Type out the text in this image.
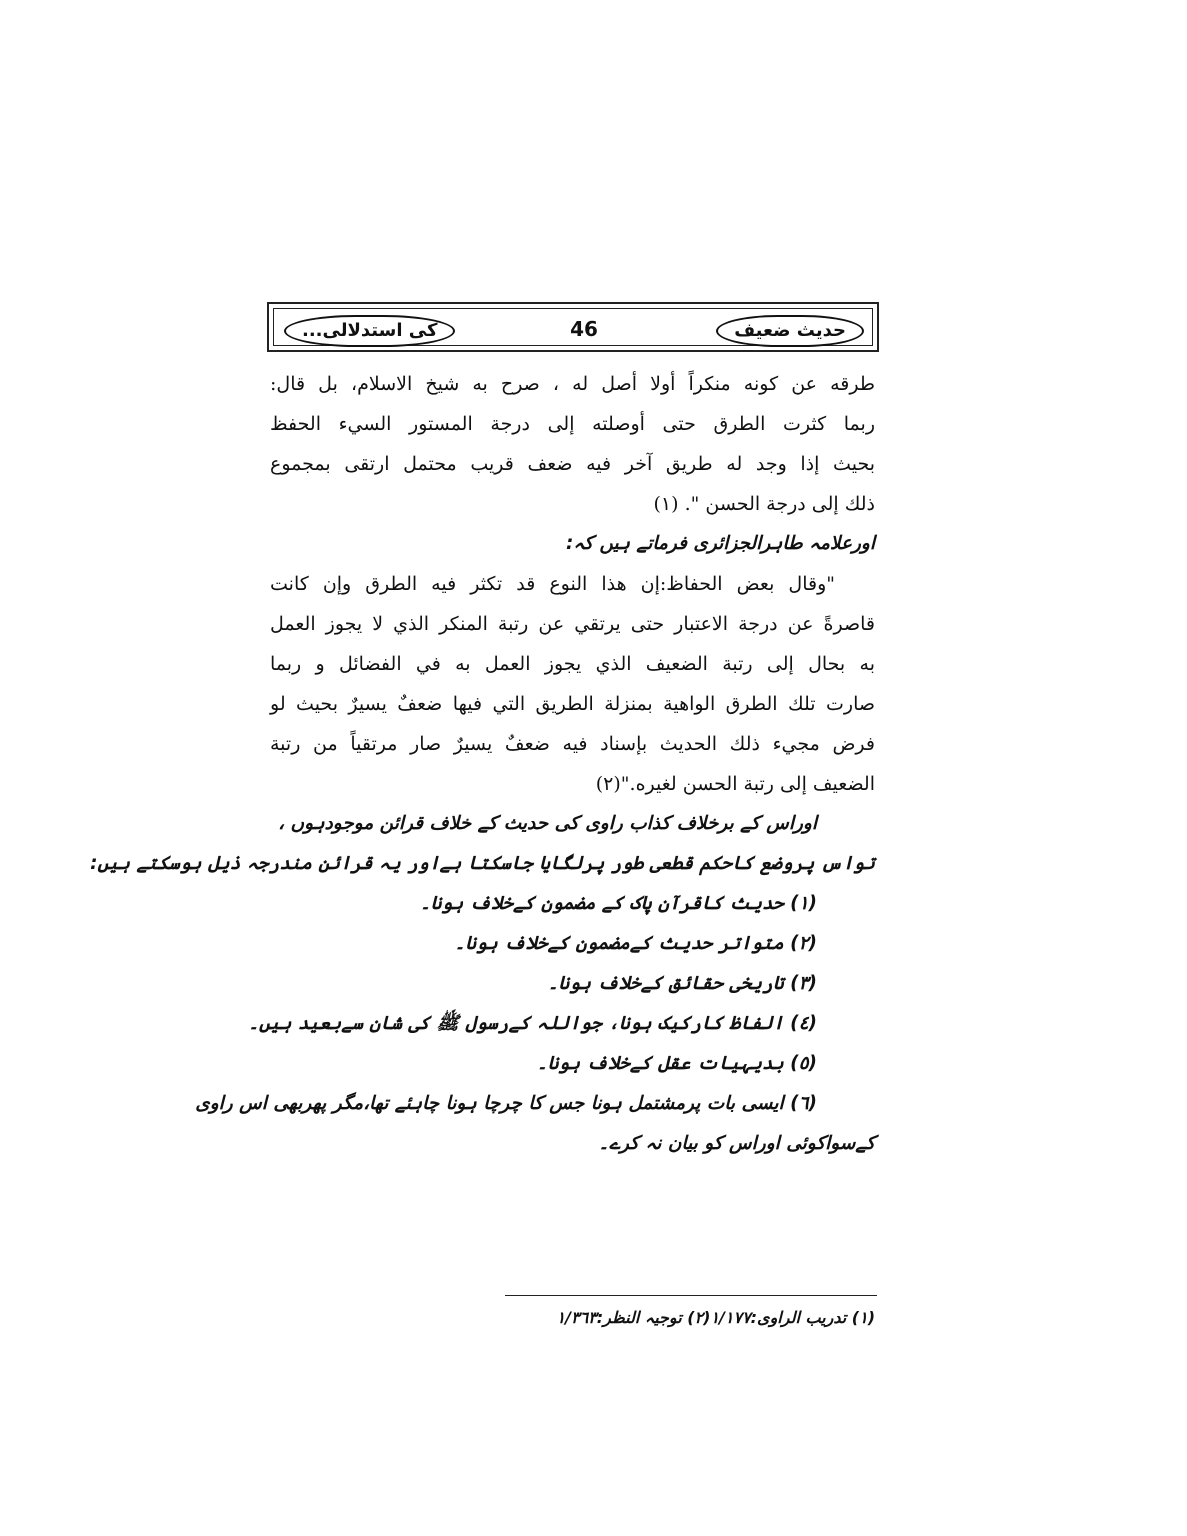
حدیث ضعیف
46
کی استدلالی...
طرقه عن كونه منكراً أولا أصل له ، صرح به شيخ الاسلام، بل قال:
ربما كثرت الطرق حتى أوصلته إلى درجة المستور السيء الحفظ
بحيث إذا وجد له طريق آخر فيه ضعف قريب محتمل ارتقى بمجموع
ذلك إلى درجة الحسن ". (١)
اورعلامہ طاہرالجزائری فرماتے ہیں کہ:
"وقال بعض الحفاظ:إن هذا النوع قد تكثر فيه الطرق وإن كانت
قاصرةً عن درجة الاعتبار حتى يرتقي عن رتبة المنكر الذي لا يجوز العمل
به بحال إلى رتبة الضعيف الذي يجوز العمل به في الفضائل و ربما
صارت تلك الطرق الواهية بمنزلة الطريق التي فيها ضعفٌ يسيرٌ بحيث لو
فرض مجيء ذلك الحديث بإسناد فيه ضعفٌ يسيرٌ صار مرتقياً من رتبة
الضعيف إلى رتبة الحسن لغيره."(٢)
اوراس کے برخلاف کذاب راوی کی حدیث کے خلاف قرائن موجودہوں ،
تواس پروضع کاحکم قطعی طور پرلگایا جاسکتا ہےاور یہ قرائن مندرجہ ذیل ہوسکتے ہیں:
(١) حدیث کاقرآن پاک کے مضمون کےخلاف ہونا۔
(٢) متواتر حدیث کےمضمون کےخلاف ہونا۔
(٣) تاریخی حقائق کےخلاف ہونا۔
(٤) الفاظ کارکیک ہونا، جواللہ کےرسول ﷺ کی شان سےبعید ہیں۔
(٥) بدیہیات عقل کےخلاف ہونا۔
(٦) ایسی بات پرمشتمل ہونا جس کا چرچا ہونا چاہئے تھا،مگر پھربھی اس راوی
کےسواکوئی اوراس کو بیان نہ کرے۔
(١) تدریب الراوی:١/١٧٧(٢) توجیہ النظر:١/٣٦٣
